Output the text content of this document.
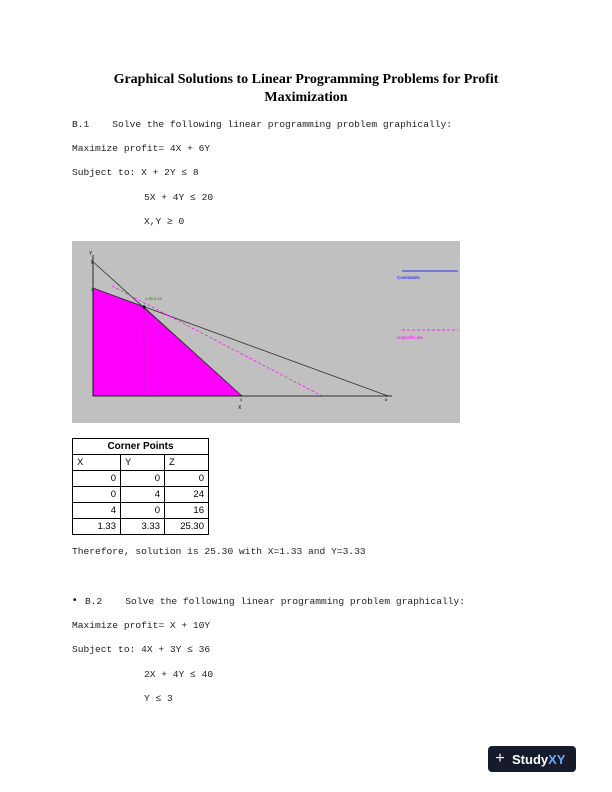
Graphical Solutions to Linear Programming Problems for Profit Maximization
B.1    Solve the following linear programming problem graphically:
Maximize profit= 4X + 6Y
Subject to: X + 2Y ≤ 8
5X + 4Y ≤ 20
X,Y ≥ 0
Y
5
4
4	8
X
1.33,3.33
Constraints
Isoprofit Line
Corner Points		
X	Y	Z
0	0	0
0	4	24
4	0	16
1.33	3.33	25.30
Therefore, solution is 25.30 with X=1.33 and Y=3.33
• B.2    Solve the following linear programming problem graphically:
Maximize profit= X + 10Y
Subject to: 4X + 3Y ≤ 36
2X + 4Y ≤ 40
Y ≤ 3
+ Study XY
